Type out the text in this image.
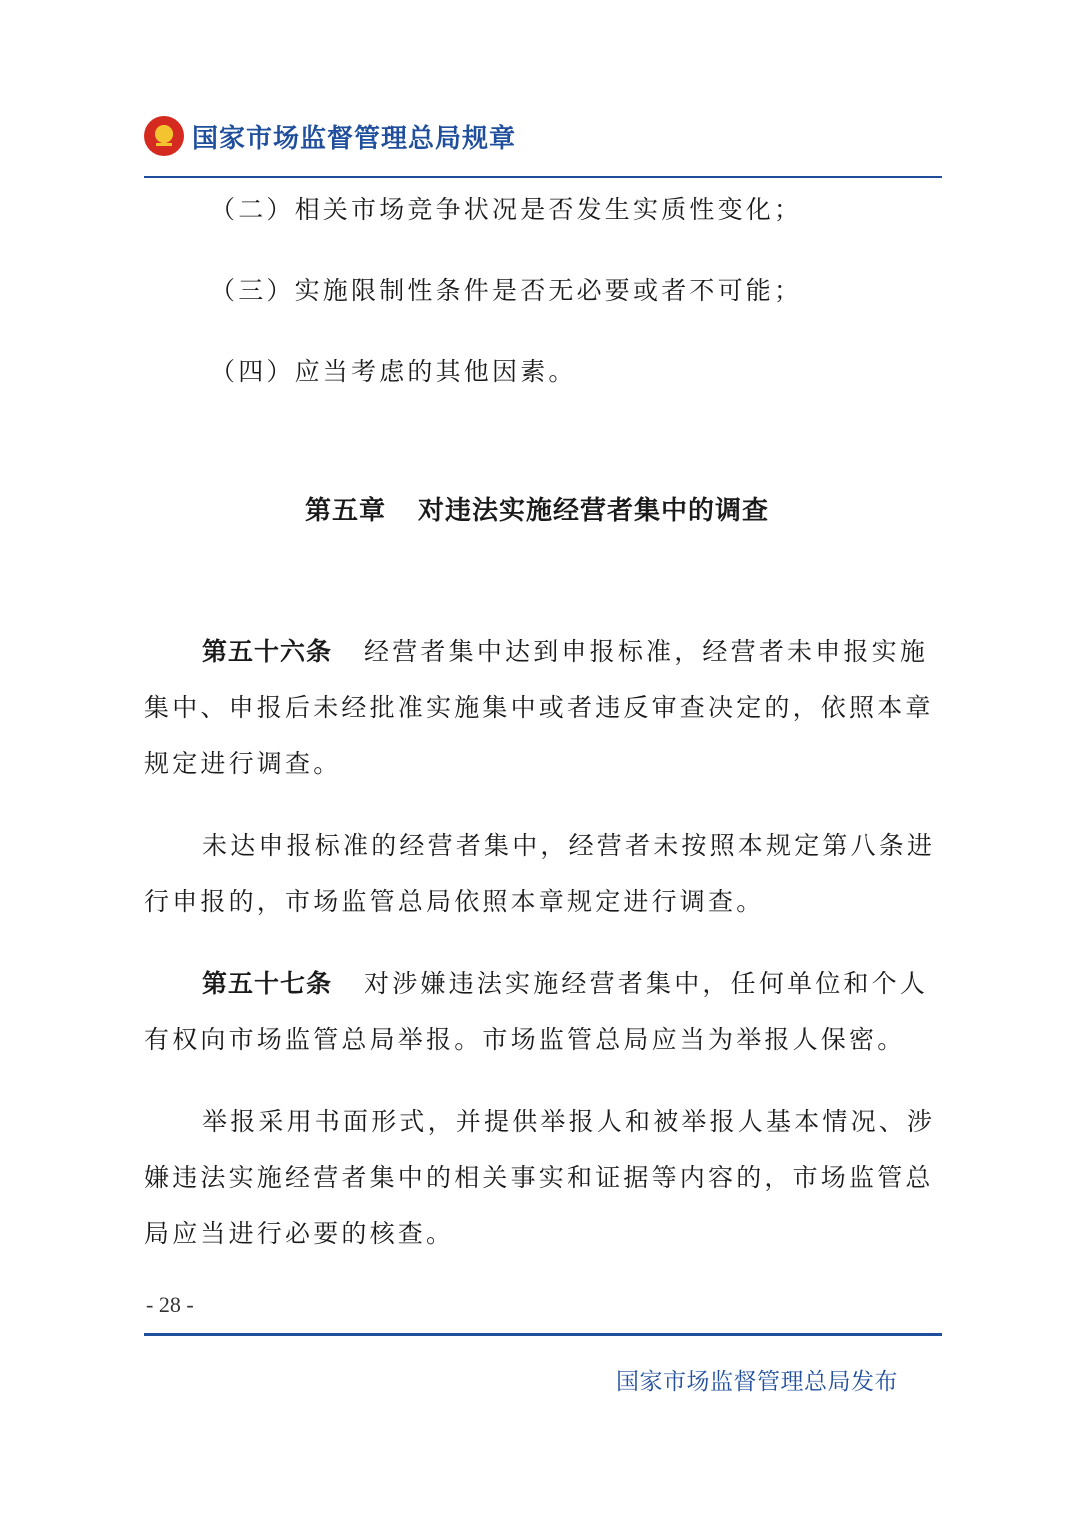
国家市场监督管理总局规章
（二）相关市场竞争状况是否发生实质性变化；
（三）实施限制性条件是否无必要或者不可能；
（四）应当考虑的其他因素。
第五章 对违法实施经营者集中的调查
第五十六条 经营者集中达到申报标准，经营者未申报实施
集中、申报后未经批准实施集中或者违反审查决定的，依照本章
规定进行调查。
未达申报标准的经营者集中，经营者未按照本规定第八条进
行申报的，市场监管总局依照本章规定进行调查。
第五十七条 对涉嫌违法实施经营者集中，任何单位和个人
有权向市场监管总局举报。市场监管总局应当为举报人保密。
举报采用书面形式，并提供举报人和被举报人基本情况、涉
嫌违法实施经营者集中的相关事实和证据等内容的，市场监管总
局应当进行必要的核查。
- 28 -
国家市场监督管理总局发布
